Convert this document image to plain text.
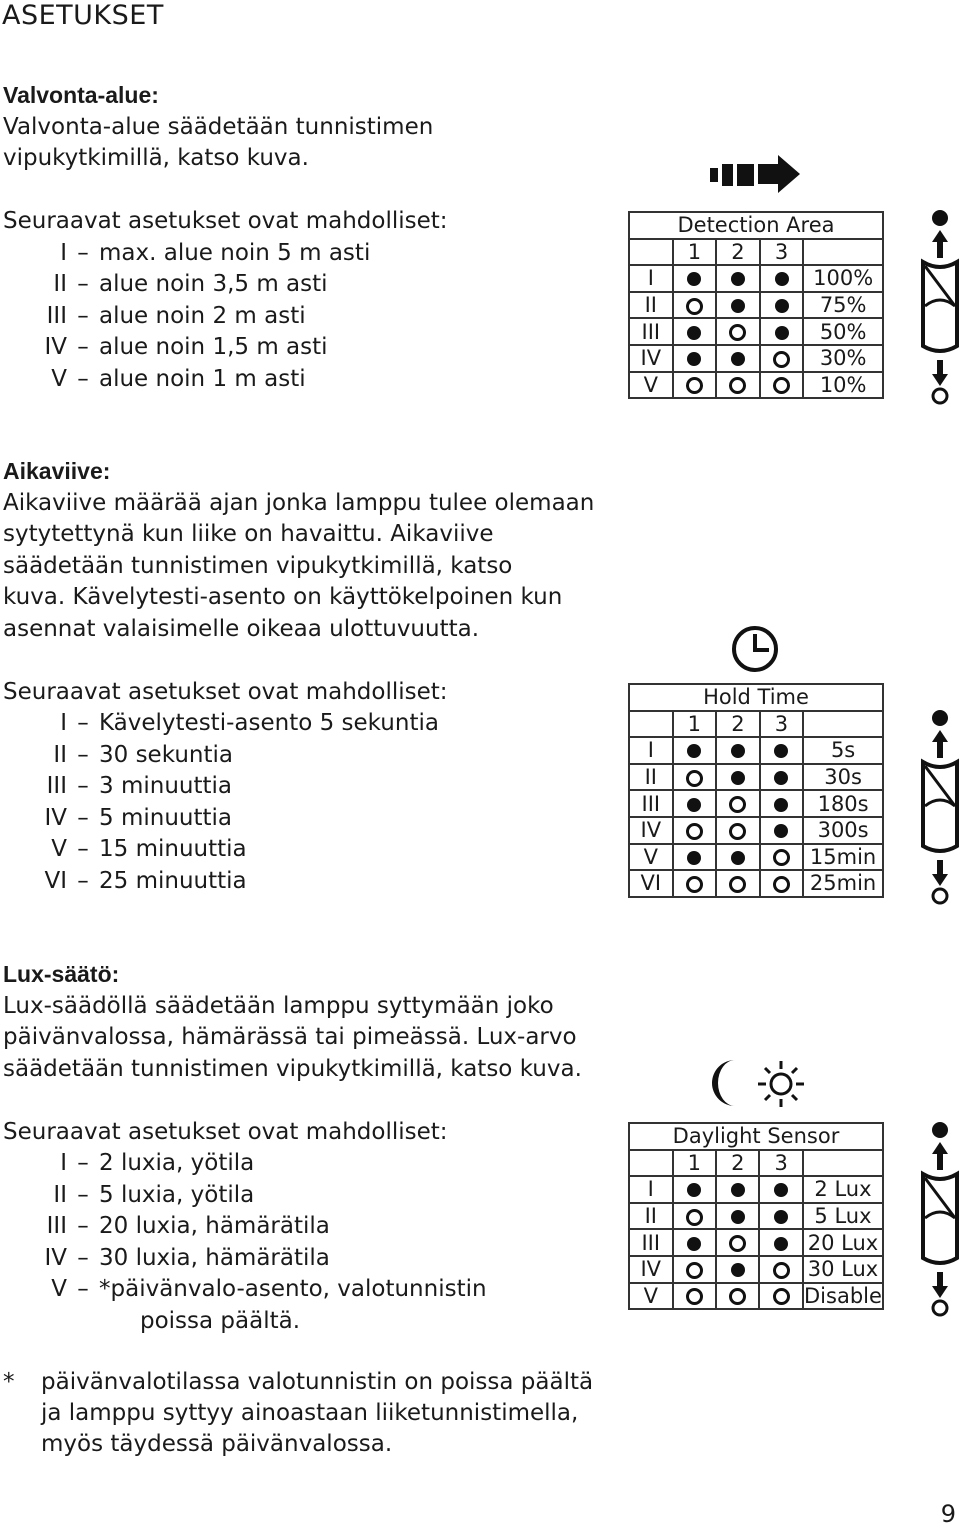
ASETUKSET
Valvonta-alue:
Valvonta-alue säädetään tunnistimen
vipukytkimillä, katso kuva.
Seuraavat asetukset ovat mahdolliset:
I – max. alue noin 5 m asti
II – alue noin 3,5 m asti
III – alue noin 2 m asti
IV – alue noin 1,5 m asti
V – alue noin 1 m asti
Aikaviive:
Aikaviive määrää ajan jonka lamppu tulee olemaan
sytytettynä kun liike on havaittu. Aikaviive
säädetään tunnistimen vipukytkimillä, katso
kuva. Kävelytesti-asento on käyttökelpoinen kun
asennat valaisimelle oikeaa ulottuvuutta.
Seuraavat asetukset ovat mahdolliset:
I – Kävelytesti-asento 5 sekuntia
II – 30 sekuntia
III – 3 minuuttia
IV – 5 minuuttia
V – 15 minuuttia
VI – 25 minuuttia
Lux-säätö:
Lux-säädöllä säädetään lamppu syttymään joko
päivänvalossa, hämärässä tai pimeässä. Lux-arvo
säädetään tunnistimen vipukytkimillä, katso kuva.
Seuraavat asetukset ovat mahdolliset:
I – 2 luxia, yötila
II – 5 luxia, yötila
III – 20 luxia, hämärätila
IV – 30 luxia, hämärätila
V – *päivänvalo-asento, valotunnistin
poissa päältä.
* päivänvalotilassa valotunnistin on poissa päältä
ja lamppu syttyy ainoastaan liiketunnistimella,
myös täydessä päivänvalossa.
Detection Area				
	1	2	3	
I				100%
II				75%
III				50%
IV				30%
V				10%
Hold Time				
	1	2	3	
I				5s
II				30s
III				180s
IV				300s
V				15min
VI				25min
Daylight Sensor				
	1	2	3	
I				2 Lux
II				5 Lux
III				20 Lux
IV				30 Lux
V				Disable
9
